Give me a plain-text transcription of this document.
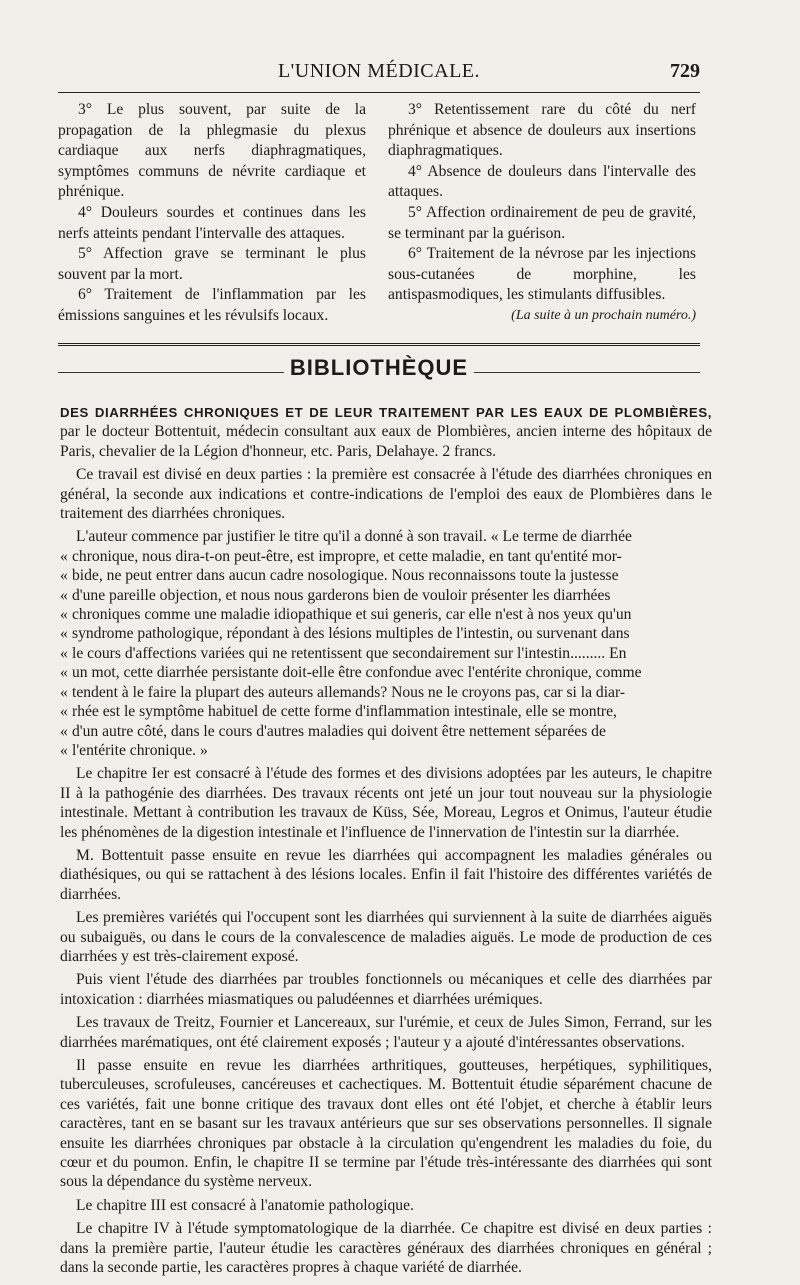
L'UNION MÉDICALE.	729

3° Le plus souvent, par suite de la propagation de la phlegmasie du plexus cardiaque aux nerfs diaphragmatiques, symptômes communs de névrite cardiaque et phrénique.

4° Douleurs sourdes et continues dans les nerfs atteints pendant l'intervalle des attaques.

5° Affection grave se terminant le plus souvent par la mort.

6° Traitement de l'inflammation par les émissions sanguines et les révulsifs locaux.

3° Retentissement rare du côté du nerf phrénique et absence de douleurs aux insertions diaphragmatiques.

4° Absence de douleurs dans l'intervalle des attaques.

5° Affection ordinairement de peu de gravité, se terminant par la guérison.

6° Traitement de la névrose par les injections sous-cutanées de morphine, les antispasmodiques, les stimulants diffusibles.

(La suite à un prochain numéro.)

BIBLIOTHÈQUE

DES DIARRHÉES CHRONIQUES ET DE LEUR TRAITEMENT PAR LES EAUX DE PLOMBIÈRES, par le docteur Bottentuit, médecin consultant aux eaux de Plombières, ancien interne des hôpitaux de Paris, chevalier de la Légion d'honneur, etc. Paris, Delahaye. 2 francs.

Ce travail est divisé en deux parties : la première est consacrée à l'étude des diarrhées chroniques en général, la seconde aux indications et contre-indications de l'emploi des eaux de Plombières dans le traitement des diarrhées chroniques.

L'auteur commence par justifier le titre qu'il a donné à son travail. « Le terme de diarrhée

« chronique, nous dira-t-on peut-être, est impropre, et cette maladie, en tant qu'entité mor-

« bide, ne peut entrer dans aucun cadre nosologique. Nous reconnaissons toute la justesse

« d'une pareille objection, et nous nous garderons bien de vouloir présenter les diarrhées

« chroniques comme une maladie idiopathique et sui generis, car elle n'est à nos yeux qu'un

« syndrome pathologique, répondant à des lésions multiples de l'intestin, ou survenant dans

« le cours d'affections variées qui ne retentissent que secondairement sur l'intestin......... En

« un mot, cette diarrhée persistante doit-elle être confondue avec l'entérite chronique, comme

« tendent à le faire la plupart des auteurs allemands? Nous ne le croyons pas, car si la diar-

« rhée est le symptôme habituel de cette forme d'inflammation intestinale, elle se montre,

« d'un autre côté, dans le cours d'autres maladies qui doivent être nettement séparées de

« l'entérite chronique. »

Le chapitre Ier est consacré à l'étude des formes et des divisions adoptées par les auteurs, le chapitre II à la pathogénie des diarrhées. Des travaux récents ont jeté un jour tout nouveau sur la physiologie intestinale. Mettant à contribution les travaux de Küss, Sée, Moreau, Legros et Onimus, l'auteur étudie les phénomènes de la digestion intestinale et l'influence de l'innervation de l'intestin sur la diarrhée.

M. Bottentuit passe ensuite en revue les diarrhées qui accompagnent les maladies générales ou diathésiques, ou qui se rattachent à des lésions locales. Enfin il fait l'histoire des différentes variétés de diarrhées.

Les premières variétés qui l'occupent sont les diarrhées qui surviennent à la suite de diarrhées aiguës ou subaiguës, ou dans le cours de la convalescence de maladies aiguës. Le mode de production de ces diarrhées y est très-clairement exposé.

Puis vient l'étude des diarrhées par troubles fonctionnels ou mécaniques et celle des diarrhées par intoxication : diarrhées miasmatiques ou paludéennes et diarrhées urémiques.

Les travaux de Treitz, Fournier et Lancereaux, sur l'urémie, et ceux de Jules Simon, Ferrand, sur les diarrhées marématiques, ont été clairement exposés ; l'auteur y a ajouté d'intéressantes observations.

Il passe ensuite en revue les diarrhées arthritiques, goutteuses, herpétiques, syphilitiques, tuberculeuses, scrofuleuses, cancéreuses et cachectiques. M. Bottentuit étudie séparément chacune de ces variétés, fait une bonne critique des travaux dont elles ont été l'objet, et cherche à établir leurs caractères, tant en se basant sur les travaux antérieurs que sur ses observations personnelles. Il signale ensuite les diarrhées chroniques par obstacle à la circulation qu'engendrent les maladies du foie, du cœur et du poumon. Enfin, le chapitre II se termine par l'étude très-intéressante des diarrhées qui sont sous la dépendance du système nerveux.

Le chapitre III est consacré à l'anatomie pathologique.

Le chapitre IV à l'étude symptomatologique de la diarrhée. Ce chapitre est divisé en deux parties : dans la première partie, l'auteur étudie les caractères généraux des diarrhées chroniques en général ; dans la seconde partie, les caractères propres à chaque variété de diarrhée.
